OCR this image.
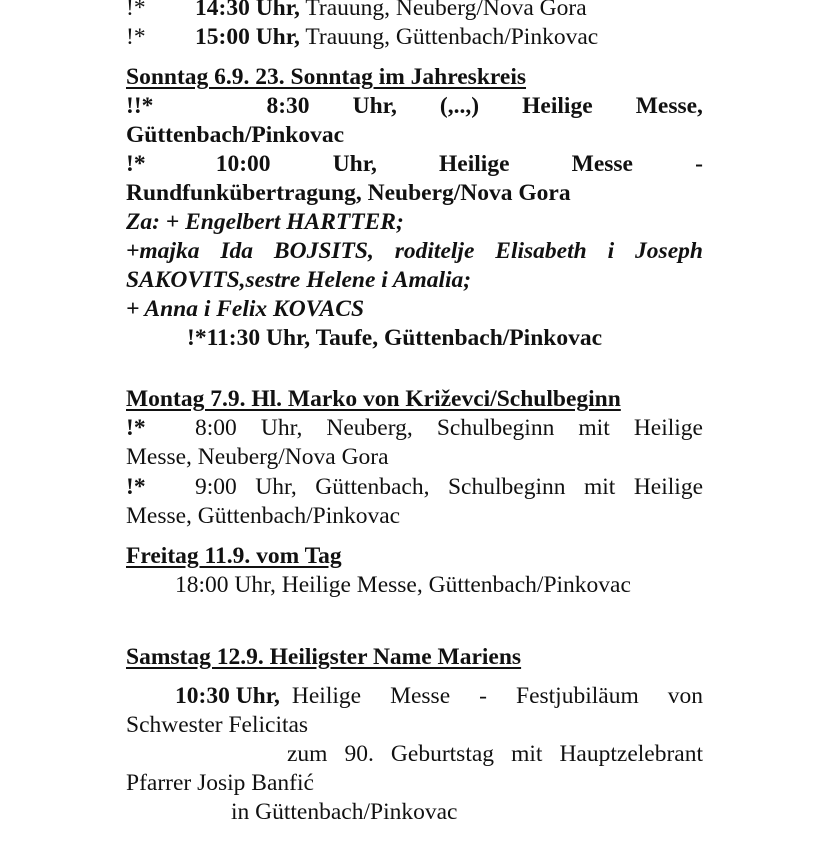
!* 14:30 Uhr, Trauung, Neuberg/Nova Gora
!* 15:00 Uhr, Trauung, Güttenbach/Pinkovac
Sonntag 6.9. 23. Sonntag im Jahreskreis
!!*	8:30 Uhr, (,..,) Heilige Messe,
Güttenbach/Pinkovac
!*	10:00	Uhr,	Heilige	Messe	-
Rundfunkübertragung, Neuberg/Nova Gora
Za: + Engelbert HARTTER;
+majka Ida BOJSITS, roditelje Elisabeth i Joseph
SAKOVITS,sestre Helene i Amalia;
+ Anna i Felix KOVACS
!*11:30 Uhr, Taufe, Güttenbach/Pinkovac
Montag 7.9. Hl. Marko von Križevci/Schulbeginn
!*	8:00 Uhr, Neuberg, Schulbeginn mit Heilige
Messe, Neuberg/Nova Gora
!*	9:00 Uhr, Güttenbach, Schulbeginn mit Heilige
Messe, Güttenbach/Pinkovac
Freitag 11.9. vom Tag
18:00 Uhr, Heilige Messe, Güttenbach/Pinkovac
Samstag 12.9. Heiligster Name Mariens
10:30 Uhr, Heilige Messe - Festjubiläum von
Schwester Felicitas
zum 90. Geburtstag mit Hauptzelebrant
Pfarrer Josip Banfić
in Güttenbach/Pinkovac
